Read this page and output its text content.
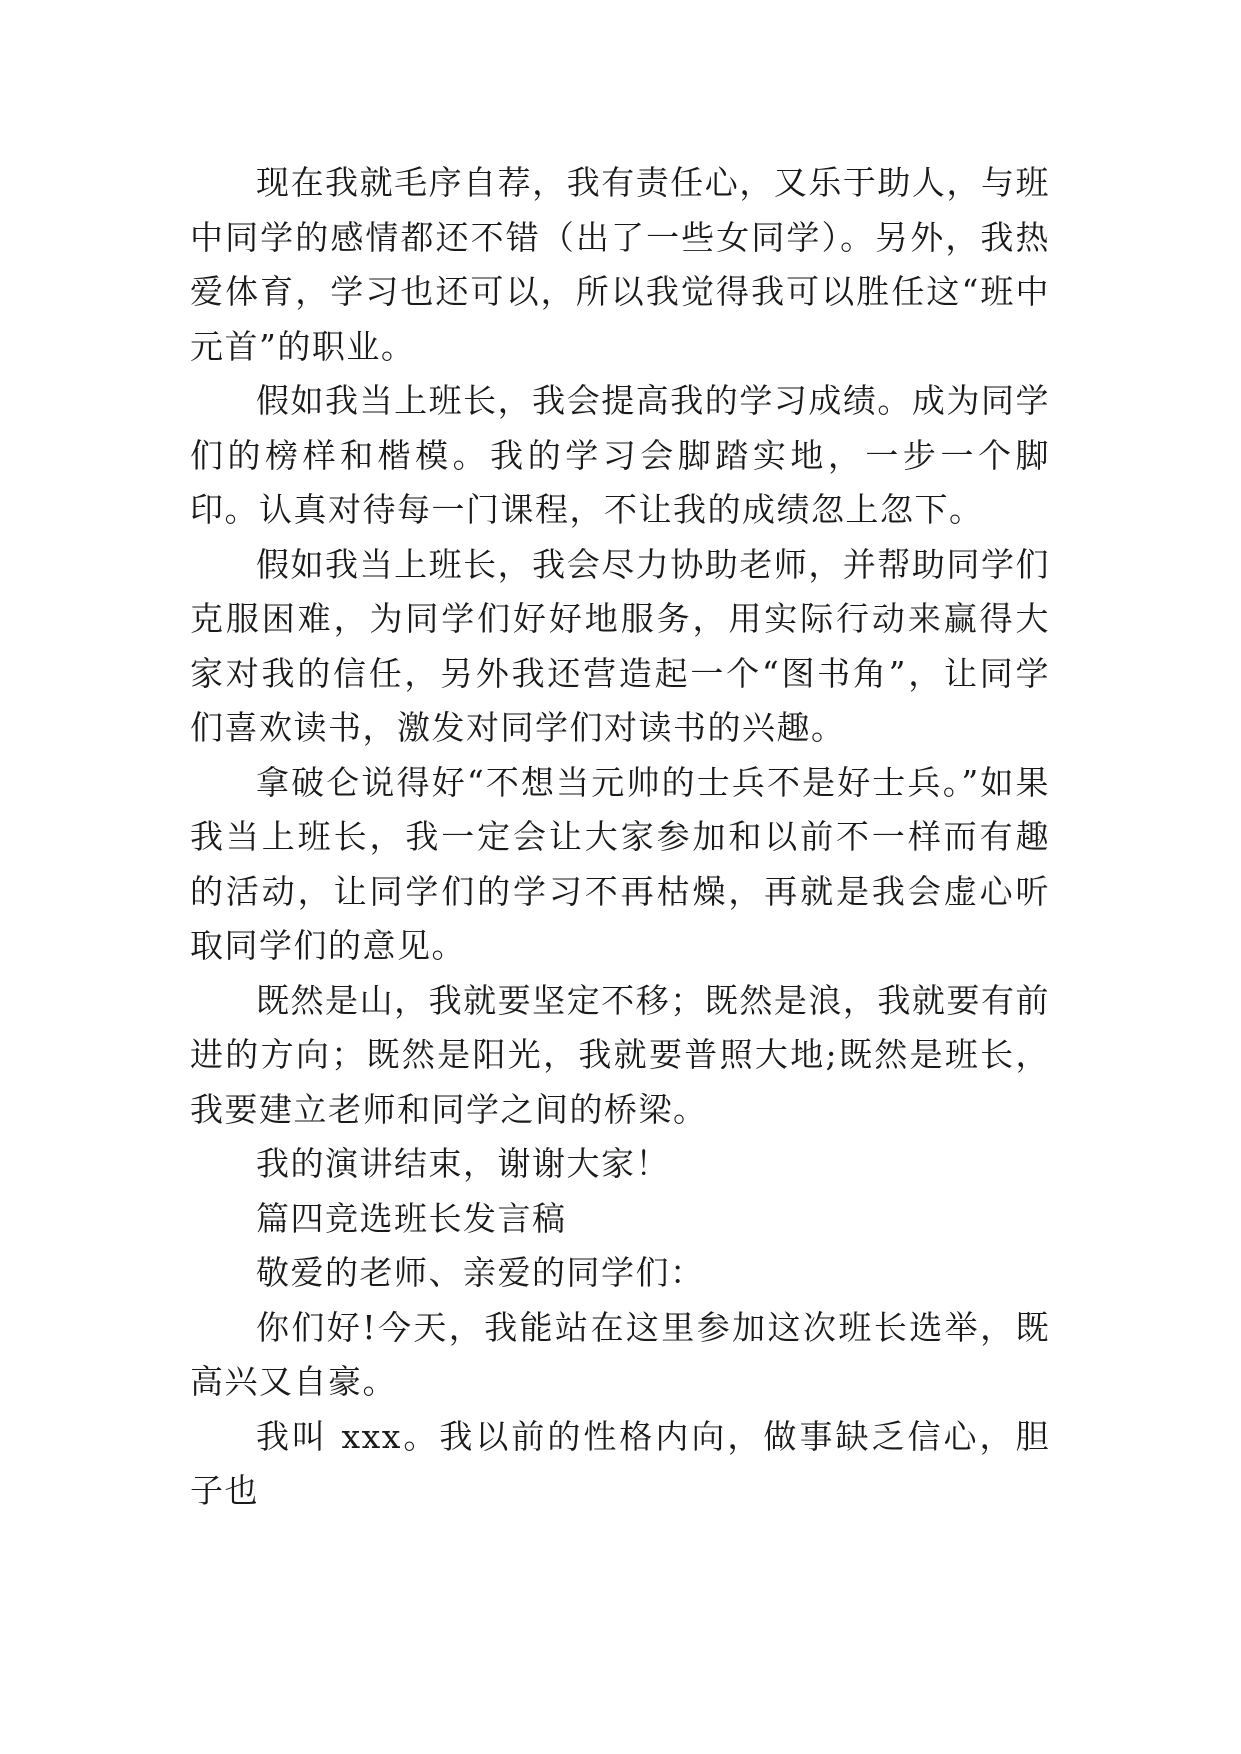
现在我就毛序自荐，我有责任心，又乐于助人，与班中同学的感情都还不错（出了一些女同学）。另外，我热爱体育，学习也还可以，所以我觉得我可以胜任这“班中元首”的职业。

假如我当上班长，我会提高我的学习成绩。成为同学们的榜样和楷模。我的学习会脚踏实地，一步一个脚印。认真对待每一门课程，不让我的成绩忽上忽下。

假如我当上班长，我会尽力协助老师，并帮助同学们克服困难，为同学们好好地服务，用实际行动来赢得大家对我的信任，另外我还营造起一个“图书角”，让同学们喜欢读书，激发对同学们对读书的兴趣。

拿破仑说得好“不想当元帅的士兵不是好士兵。”如果我当上班长，我一定会让大家参加和以前不一样而有趣的活动，让同学们的学习不再枯燥，再就是我会虚心听取同学们的意见。

既然是山，我就要坚定不移；既然是浪，我就要有前进的方向；既然是阳光，我就要普照大地;既然是班长，我要建立老师和同学之间的桥梁。

我的演讲结束，谢谢大家！

篇四竞选班长发言稿

敬爱的老师、亲爱的同学们：

你们好!今天，我能站在这里参加这次班长选举，既高兴又自豪。

我叫 xxx。我以前的性格内向，做事缺乏信心，胆子也
